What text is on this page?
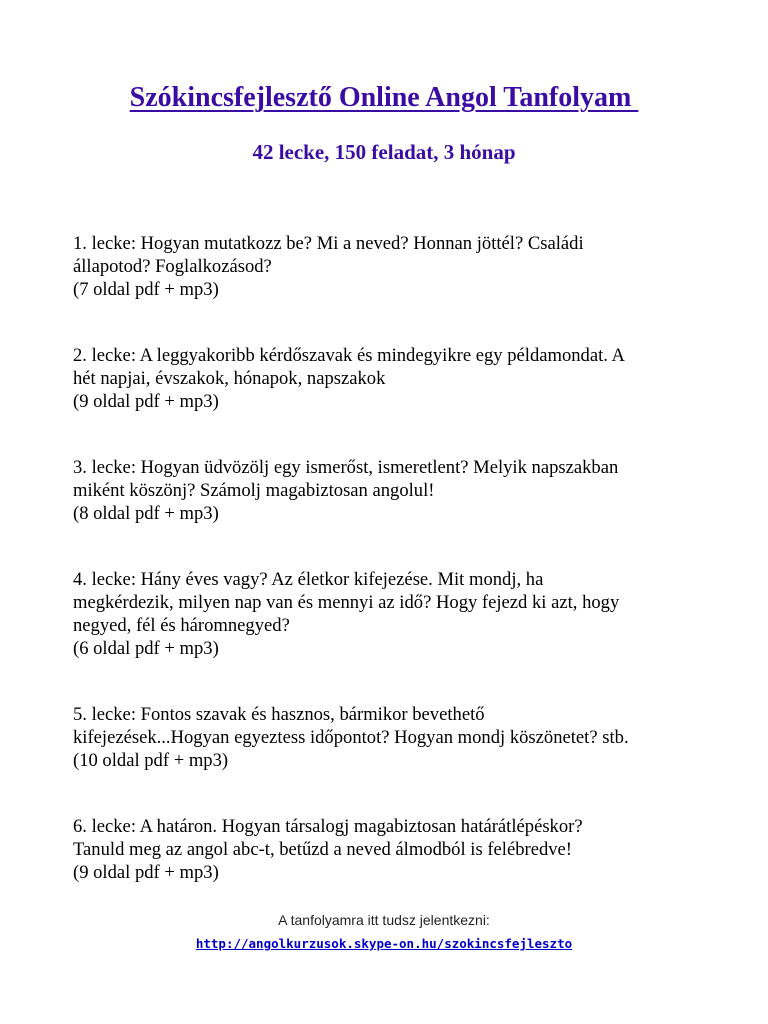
Szókincsfejlesztő Online Angol Tanfolyam
42 lecke, 150 feladat, 3 hónap
1. lecke: Hogyan mutatkozz be? Mi a neved? Honnan jöttél? Családi
állapotod? Foglalkozásod?
(7 oldal pdf + mp3)
2. lecke: A leggyakoribb kérdőszavak és mindegyikre egy példamondat. A
hét napjai, évszakok, hónapok, napszakok
(9 oldal pdf + mp3)
3. lecke: Hogyan üdvözölj egy ismerőst, ismeretlent? Melyik napszakban
miként köszönj? Számolj magabiztosan angolul!
(8 oldal pdf + mp3)
4. lecke: Hány éves vagy? Az életkor kifejezése. Mit mondj, ha
megkérdezik, milyen nap van és mennyi az idő? Hogy fejezd ki azt, hogy
negyed, fél és háromnegyed?
(6 oldal pdf + mp3)
5. lecke: Fontos szavak és hasznos, bármikor bevethető
kifejezések...Hogyan egyeztess időpontot? Hogyan mondj köszönetet? stb.
(10 oldal pdf + mp3)
6. lecke: A határon. Hogyan társalogj magabiztosan határátlépéskor?
Tanuld meg az angol abc-t, betűzd a neved álmodból is felébredve!
(9 oldal pdf + mp3)
A tanfolyamra itt tudsz jelentkezni:
http://angolkurzusok.skype-on.hu/szokincsfejleszto
